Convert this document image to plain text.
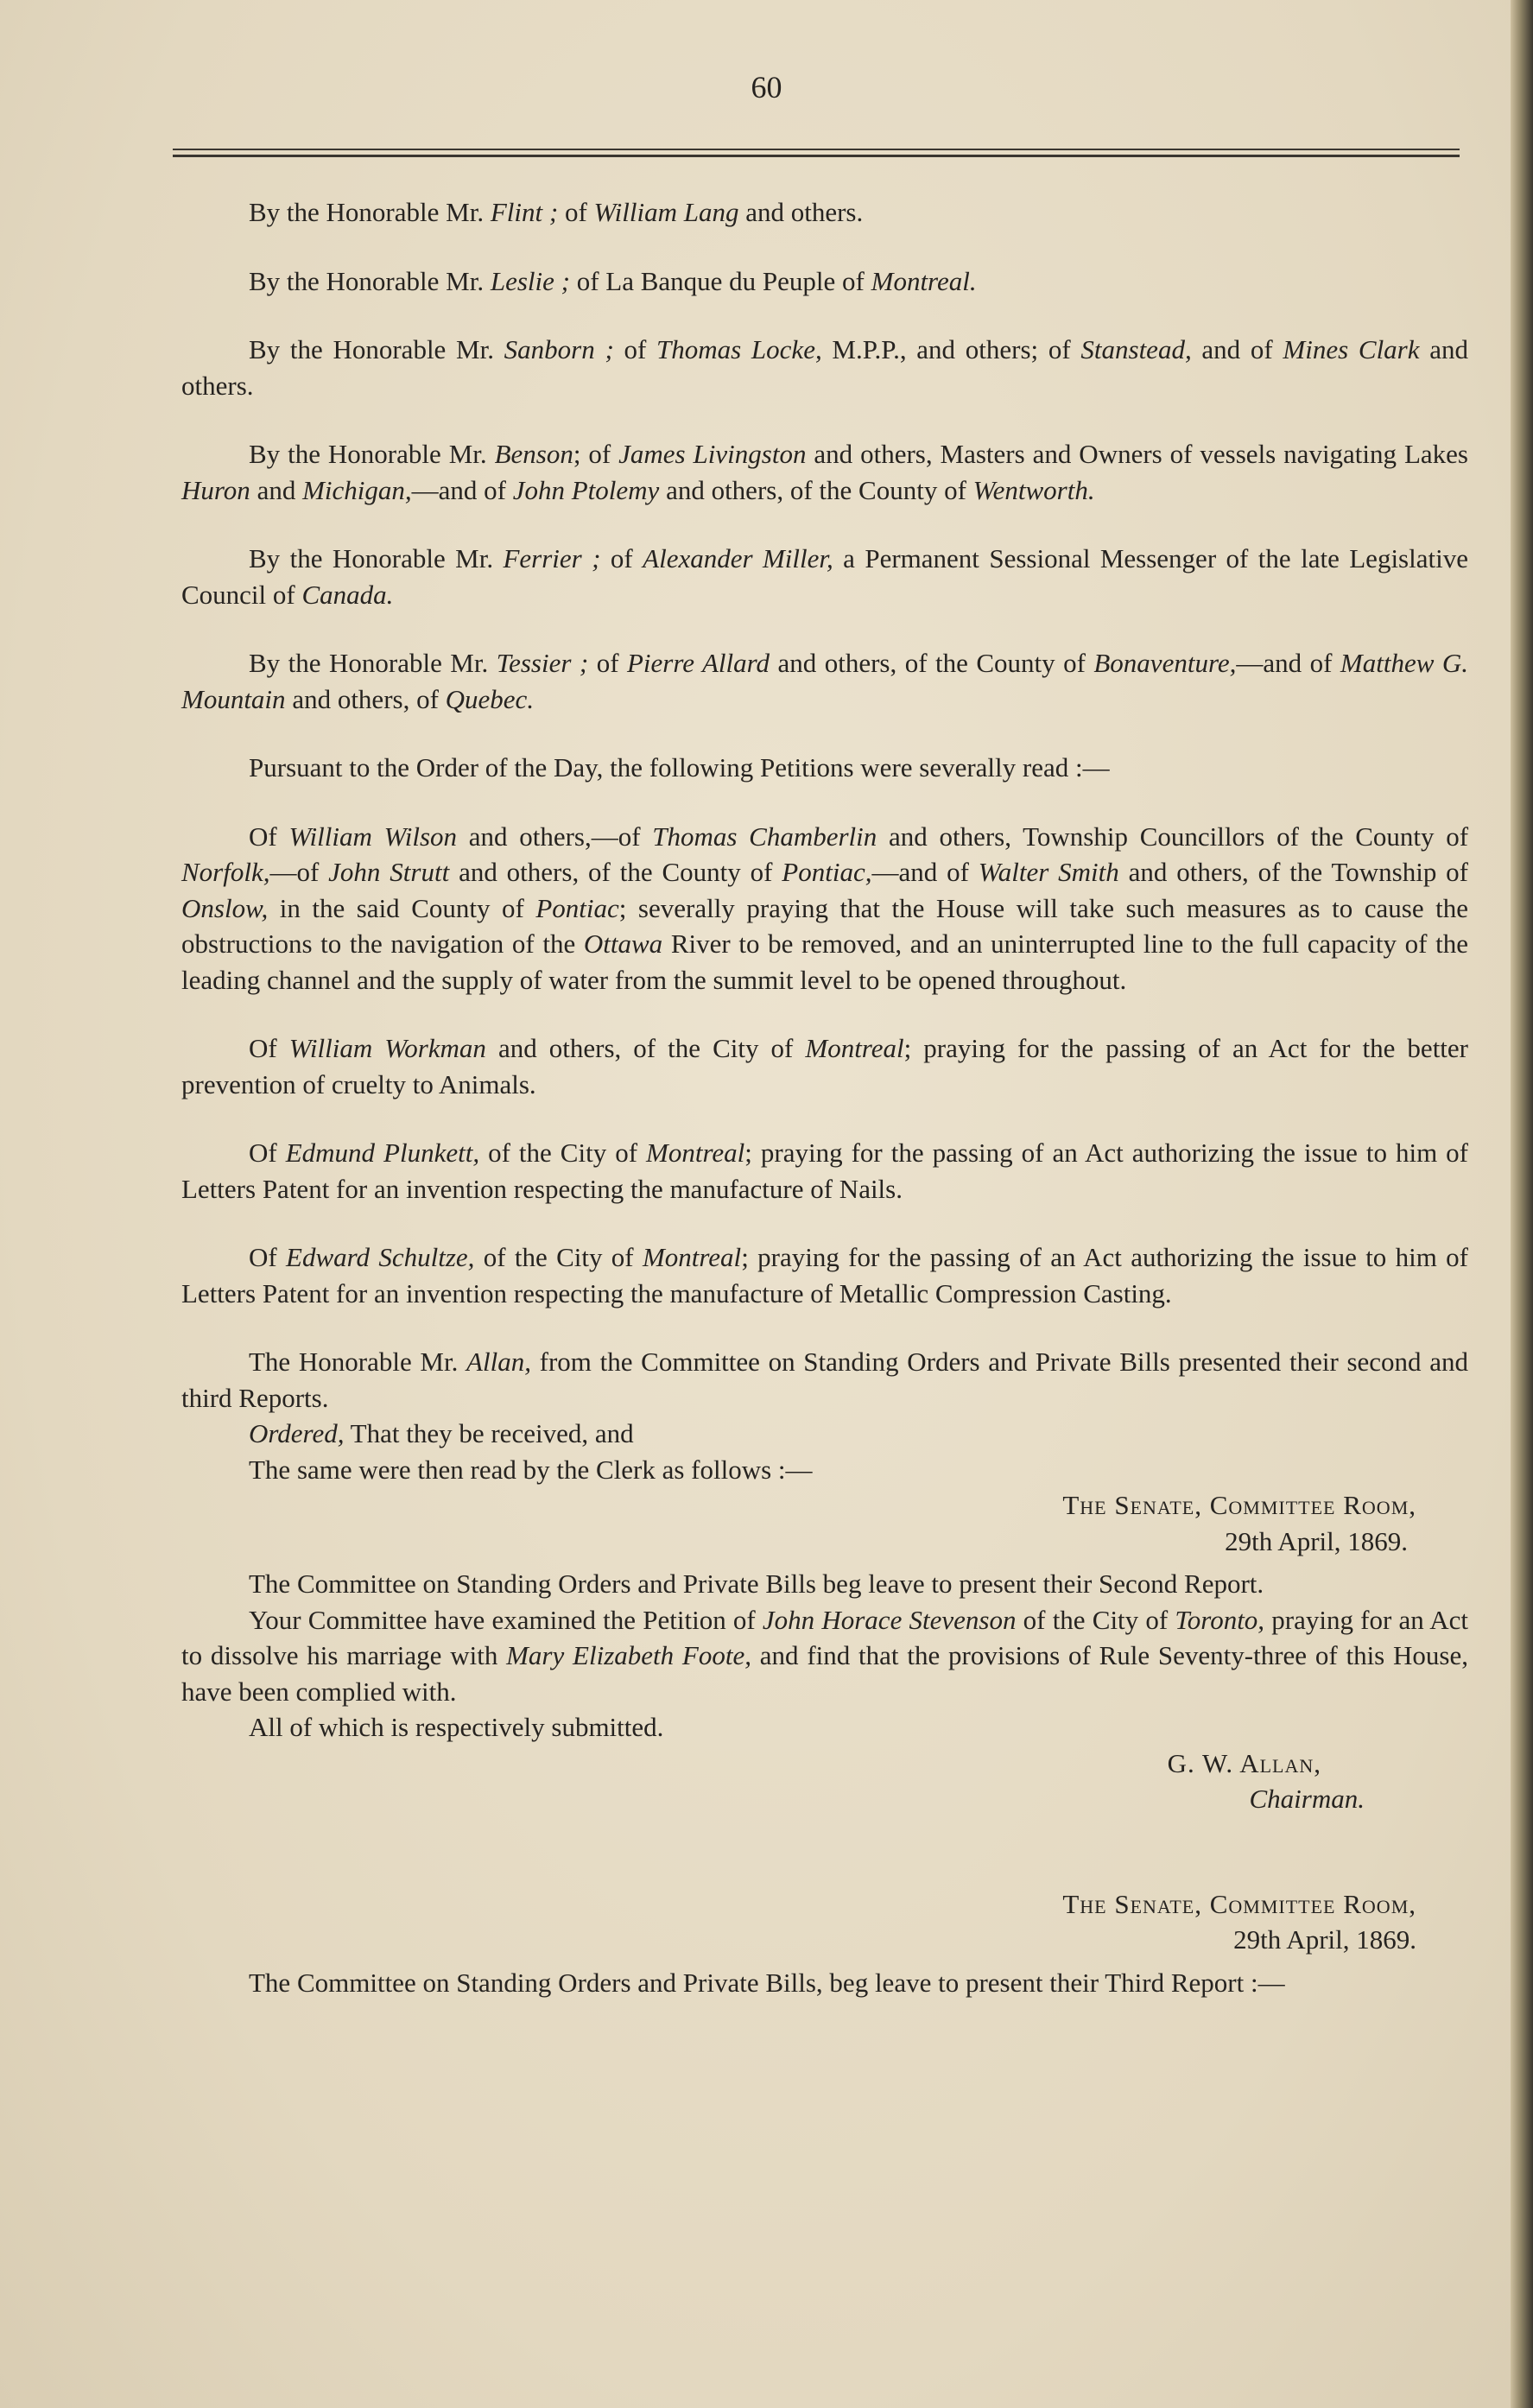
60

By the Honorable Mr. Flint ; of William Lang and others.

By the Honorable Mr. Leslie ; of La Banque du Peuple of Montreal.

By the Honorable Mr. Sanborn ; of Thomas Locke, M.P.P., and others; of Stanstead, and of Mines Clark and others.

By the Honorable Mr. Benson; of James Livingston and others, Masters and Owners of vessels navigating Lakes Huron and Michigan,—and of John Ptolemy and others, of the County of Wentworth.

By the Honorable Mr. Ferrier ; of Alexander Miller, a Permanent Sessional Messenger of the late Legislative Council of Canada.

By the Honorable Mr. Tessier ; of Pierre Allard and others, of the County of Bonaventure,—and of Matthew G. Mountain and others, of Quebec.

Pursuant to the Order of the Day, the following Petitions were severally read :—

Of William Wilson and others,—of Thomas Chamberlin and others, Township Councillors of the County of Norfolk,—of John Strutt and others, of the County of Pontiac,—and of Walter Smith and others, of the Township of Onslow, in the said County of Pontiac; severally praying that the House will take such measures as to cause the obstructions to the navigation of the Ottawa River to be removed, and an uninterrupted line to the full capacity of the leading channel and the supply of water from the summit level to be opened throughout.

Of William Workman and others, of the City of Montreal; praying for the passing of an Act for the better prevention of cruelty to Animals.

Of Edmund Plunkett, of the City of Montreal; praying for the passing of an Act authorizing the issue to him of Letters Patent for an invention respecting the manufacture of Nails.

Of Edward Schultze, of the City of Montreal; praying for the passing of an Act authorizing the issue to him of Letters Patent for an invention respecting the manufacture of Metallic Compression Casting.

The Honorable Mr. Allan, from the Committee on Standing Orders and Private Bills presented their second and third Reports.

Ordered, That they be received, and

The same were then read by the Clerk as follows :—

The Senate, Committee Room,

29th April, 1869.

The Committee on Standing Orders and Private Bills beg leave to present their Second Report.

Your Committee have examined the Petition of John Horace Stevenson of the City of Toronto, praying for an Act to dissolve his marriage with Mary Elizabeth Foote, and find that the provisions of Rule Seventy-three of this House, have been complied with.

All of which is respectively submitted.

G. W. Allan,

Chairman.

The Senate, Committee Room,

29th April, 1869.

The Committee on Standing Orders and Private Bills, beg leave to present their Third Report :—
